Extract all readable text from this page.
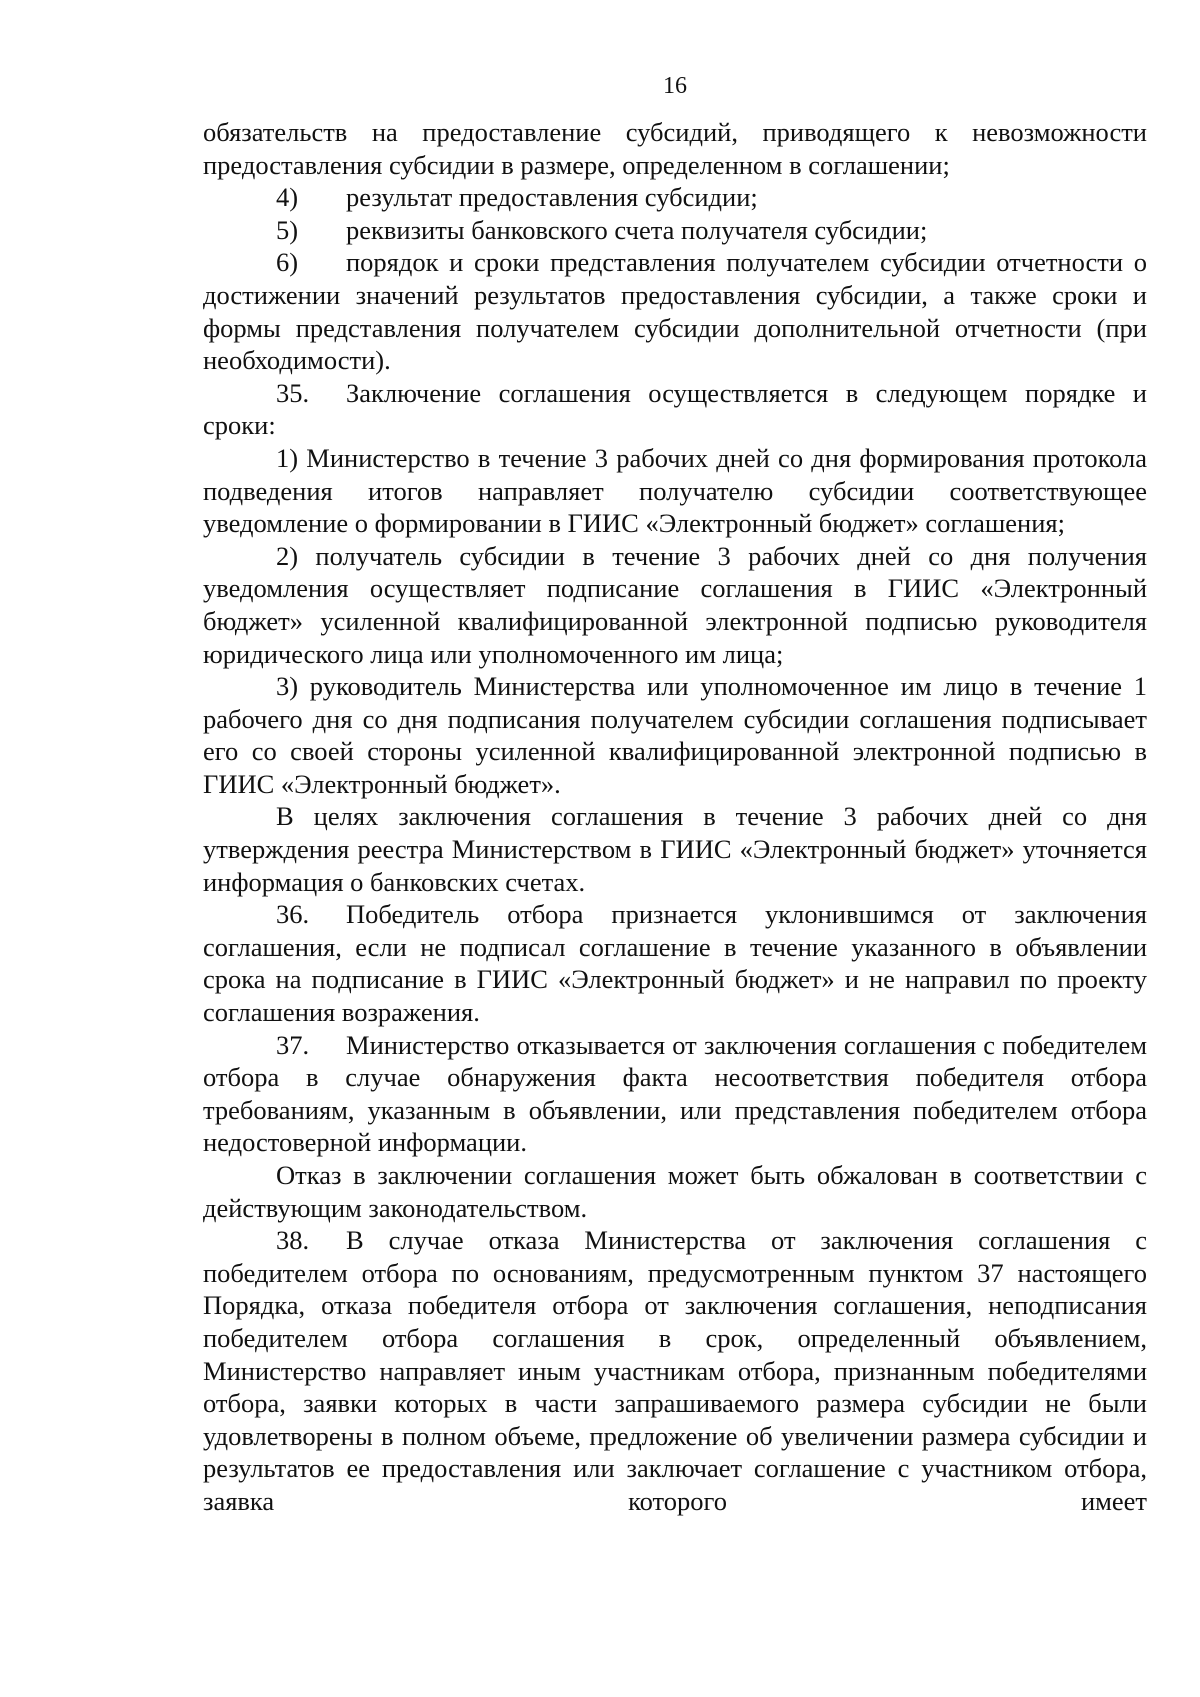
16

обязательств на предоставление субсидий, приводящего к невозможности предоставления субсидии в размере, определенном в соглашении;

4) результат предоставления субсидии;

5) реквизиты банковского счета получателя субсидии;

6) порядок и сроки представления получателем субсидии отчетности о достижении значений результатов предоставления субсидии, а также сроки и формы представления получателем субсидии дополнительной отчетности (при необходимости).

35. Заключение соглашения осуществляется в следующем порядке и сроки:

1) Министерство в течение 3 рабочих дней со дня формирования протокола подведения итогов направляет получателю субсидии соответствующее уведомление о формировании в ГИИС «Электронный бюджет» соглашения;

2) получатель субсидии в течение 3 рабочих дней со дня получения уведомления осуществляет подписание соглашения в ГИИС «Электронный бюджет» усиленной квалифицированной электронной подписью руководителя юридического лица или уполномоченного им лица;

3) руководитель Министерства или уполномоченное им лицо в течение 1 рабочего дня со дня подписания получателем субсидии соглашения подписывает его со своей стороны усиленной квалифицированной электронной подписью в ГИИС «Электронный бюджет».

В целях заключения соглашения в течение 3 рабочих дней со дня утверждения реестра Министерством в ГИИС «Электронный бюджет» уточняется информация о банковских счетах.

36. Победитель отбора признается уклонившимся от заключения соглашения, если не подписал соглашение в течение указанного в объявлении срока на подписание в ГИИС «Электронный бюджет» и не направил по проекту соглашения возражения.

37. Министерство отказывается от заключения соглашения с победителем отбора в случае обнаружения факта несоответствия победителя отбора требованиям, указанным в объявлении, или представления победителем отбора недостоверной информации.

Отказ в заключении соглашения может быть обжалован в соответствии с действующим законодательством.

38. В случае отказа Министерства от заключения соглашения с победителем отбора по основаниям, предусмотренным пунктом 37 настоящего Порядка, отказа победителя отбора от заключения соглашения, неподписания победителем отбора соглашения в срок, определенный объявлением, Министерство направляет иным участникам отбора, признанным победителями отбора, заявки которых в части запрашиваемого размера субсидии не были удовлетворены в полном объеме, предложение об увеличении размера субсидии и результатов ее предоставления или заключает соглашение с участником отбора, заявка которого имеет
